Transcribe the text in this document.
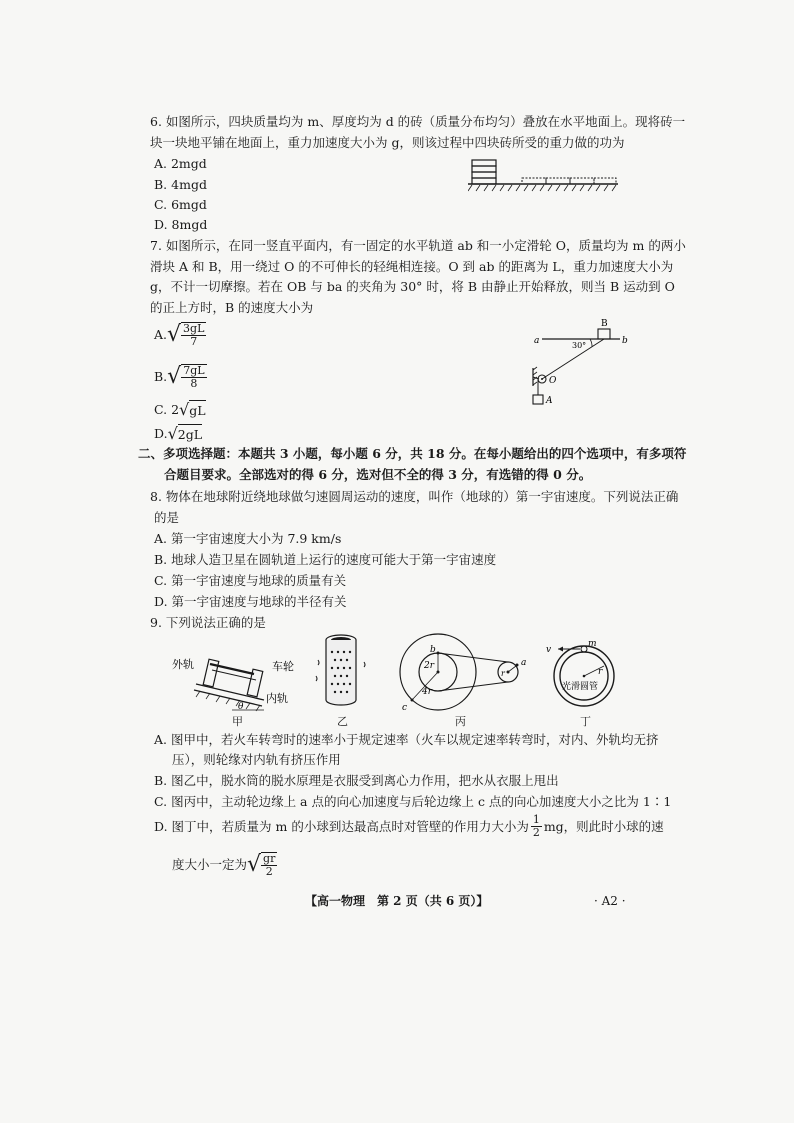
6. 如图所示，四块质量均为 m、厚度均为 d 的砖（质量分布均匀）叠放在水平地面上。现将砖一
块一块地平铺在地面上，重力加速度大小为 g，则该过程中四块砖所受的重力做的功为
A. 2mgd
B. 4mgd
C. 6mgd
D. 8mgd
7. 如图所示，在同一竖直平面内，有一固定的水平轨道 ab 和一小定滑轮 O，质量均为 m 的两小
滑块 A 和 B，用一绕过 O 的不可伸长的轻绳相连接。O 到 ab 的距离为 L，重力加速度大小为
g，不计一切摩擦。若在 OB 与 ba 的夹角为 30° 时，将 B 由静止开始释放，则当 B 运动到 O
的正上方时，B 的速度大小为
A. √ $\frac{3gL}{7}$
B. √ $\frac{7gL}{8}$
C. 2 √ gL
D. √ 2gL
a	b
B
30°
O
A
二、多项选择题：本题共 3 小题，每小题 6 分，共 18 分。在每小题给出的四个选项中，有多项符
合题目要求。全部选对的得 6 分，选对但不全的得 3 分，有选错的得 0 分。
8. 物体在地球附近绕地球做匀速圆周运动的速度，叫作（地球的）第一宇宙速度。下列说法正确
的是
A. 第一宇宙速度大小为 7.9 km/s
B. 地球人造卫星在圆轨道上运行的速度可能大于第一宇宙速度
C. 第一宇宙速度与地球的质量有关
D. 第一宇宙速度与地球的半径有关
9. 下列说法正确的是
外轨	车轮
内轨
θ
甲	乙
b
a
c
2r
4r
r
丙
v
m
r
光滑圆管
丁
A. 图甲中，若火车转弯时的速率小于规定速率（火车以规定速率转弯时，对内、外轨均无挤
压），则轮缘对内轨有挤压作用
B. 图乙中，脱水筒的脱水原理是衣服受到离心力作用，把水从衣服上甩出
C. 图丙中，主动轮边缘上 a 点的向心加速度与后轮边缘上 c 点的向心加速度大小之比为 1∶1
D. 图丁中，若质量为 m 的小球到达最高点时对管壁的作用力大小为 $\frac{1}{2}$ mg，则此时小球的速
度大小一定为 √ $\frac{gr}{2}$
【高一物理　第 2 页（共 6 页）】	· A2 ·
